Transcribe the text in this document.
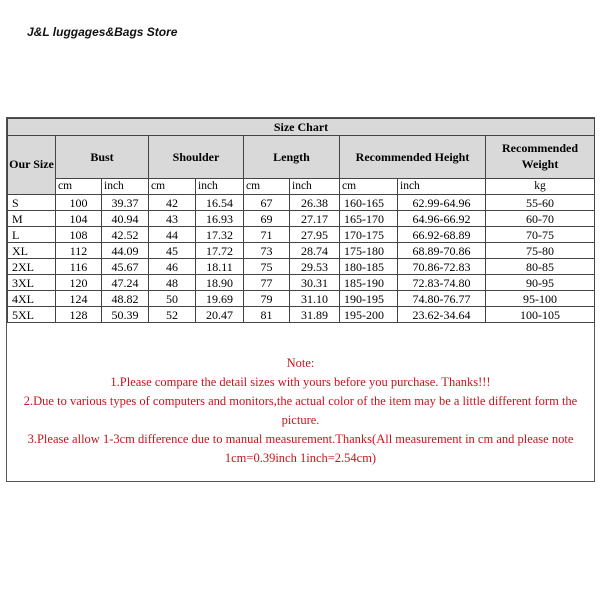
J&L luggages&Bags Store
Size Chart									
Our Size	Bust		Shoulder		Length		Recommended Height		Recommended Weight
	cm	inch	cm	inch	cm	inch	cm	inch	kg
S	100	39.37	42	16.54	67	26.38	160-165	62.99-64.96	55-60
M	104	40.94	43	16.93	69	27.17	165-170	64.96-66.92	60-70
L	108	42.52	44	17.32	71	27.95	170-175	66.92-68.89	70-75
XL	112	44.09	45	17.72	73	28.74	175-180	68.89-70.86	75-80
2XL	116	45.67	46	18.11	75	29.53	180-185	70.86-72.83	80-85
3XL	120	47.24	48	18.90	77	30.31	185-190	72.83-74.80	90-95
4XL	124	48.82	50	19.69	79	31.10	190-195	74.80-76.77	95-100
5XL	128	50.39	52	20.47	81	31.89	195-200	23.62-34.64	100-105
Note:
1.Please compare the detail sizes with yours before you purchase. Thanks!!!
2.Due to various types of computers and monitors,the actual color of the item may be a little different form the picture.
3.Please allow 1-3cm difference due to manual measurement.Thanks(All measurement in cm and please note 1cm=0.39inch 1inch=2.54cm)
